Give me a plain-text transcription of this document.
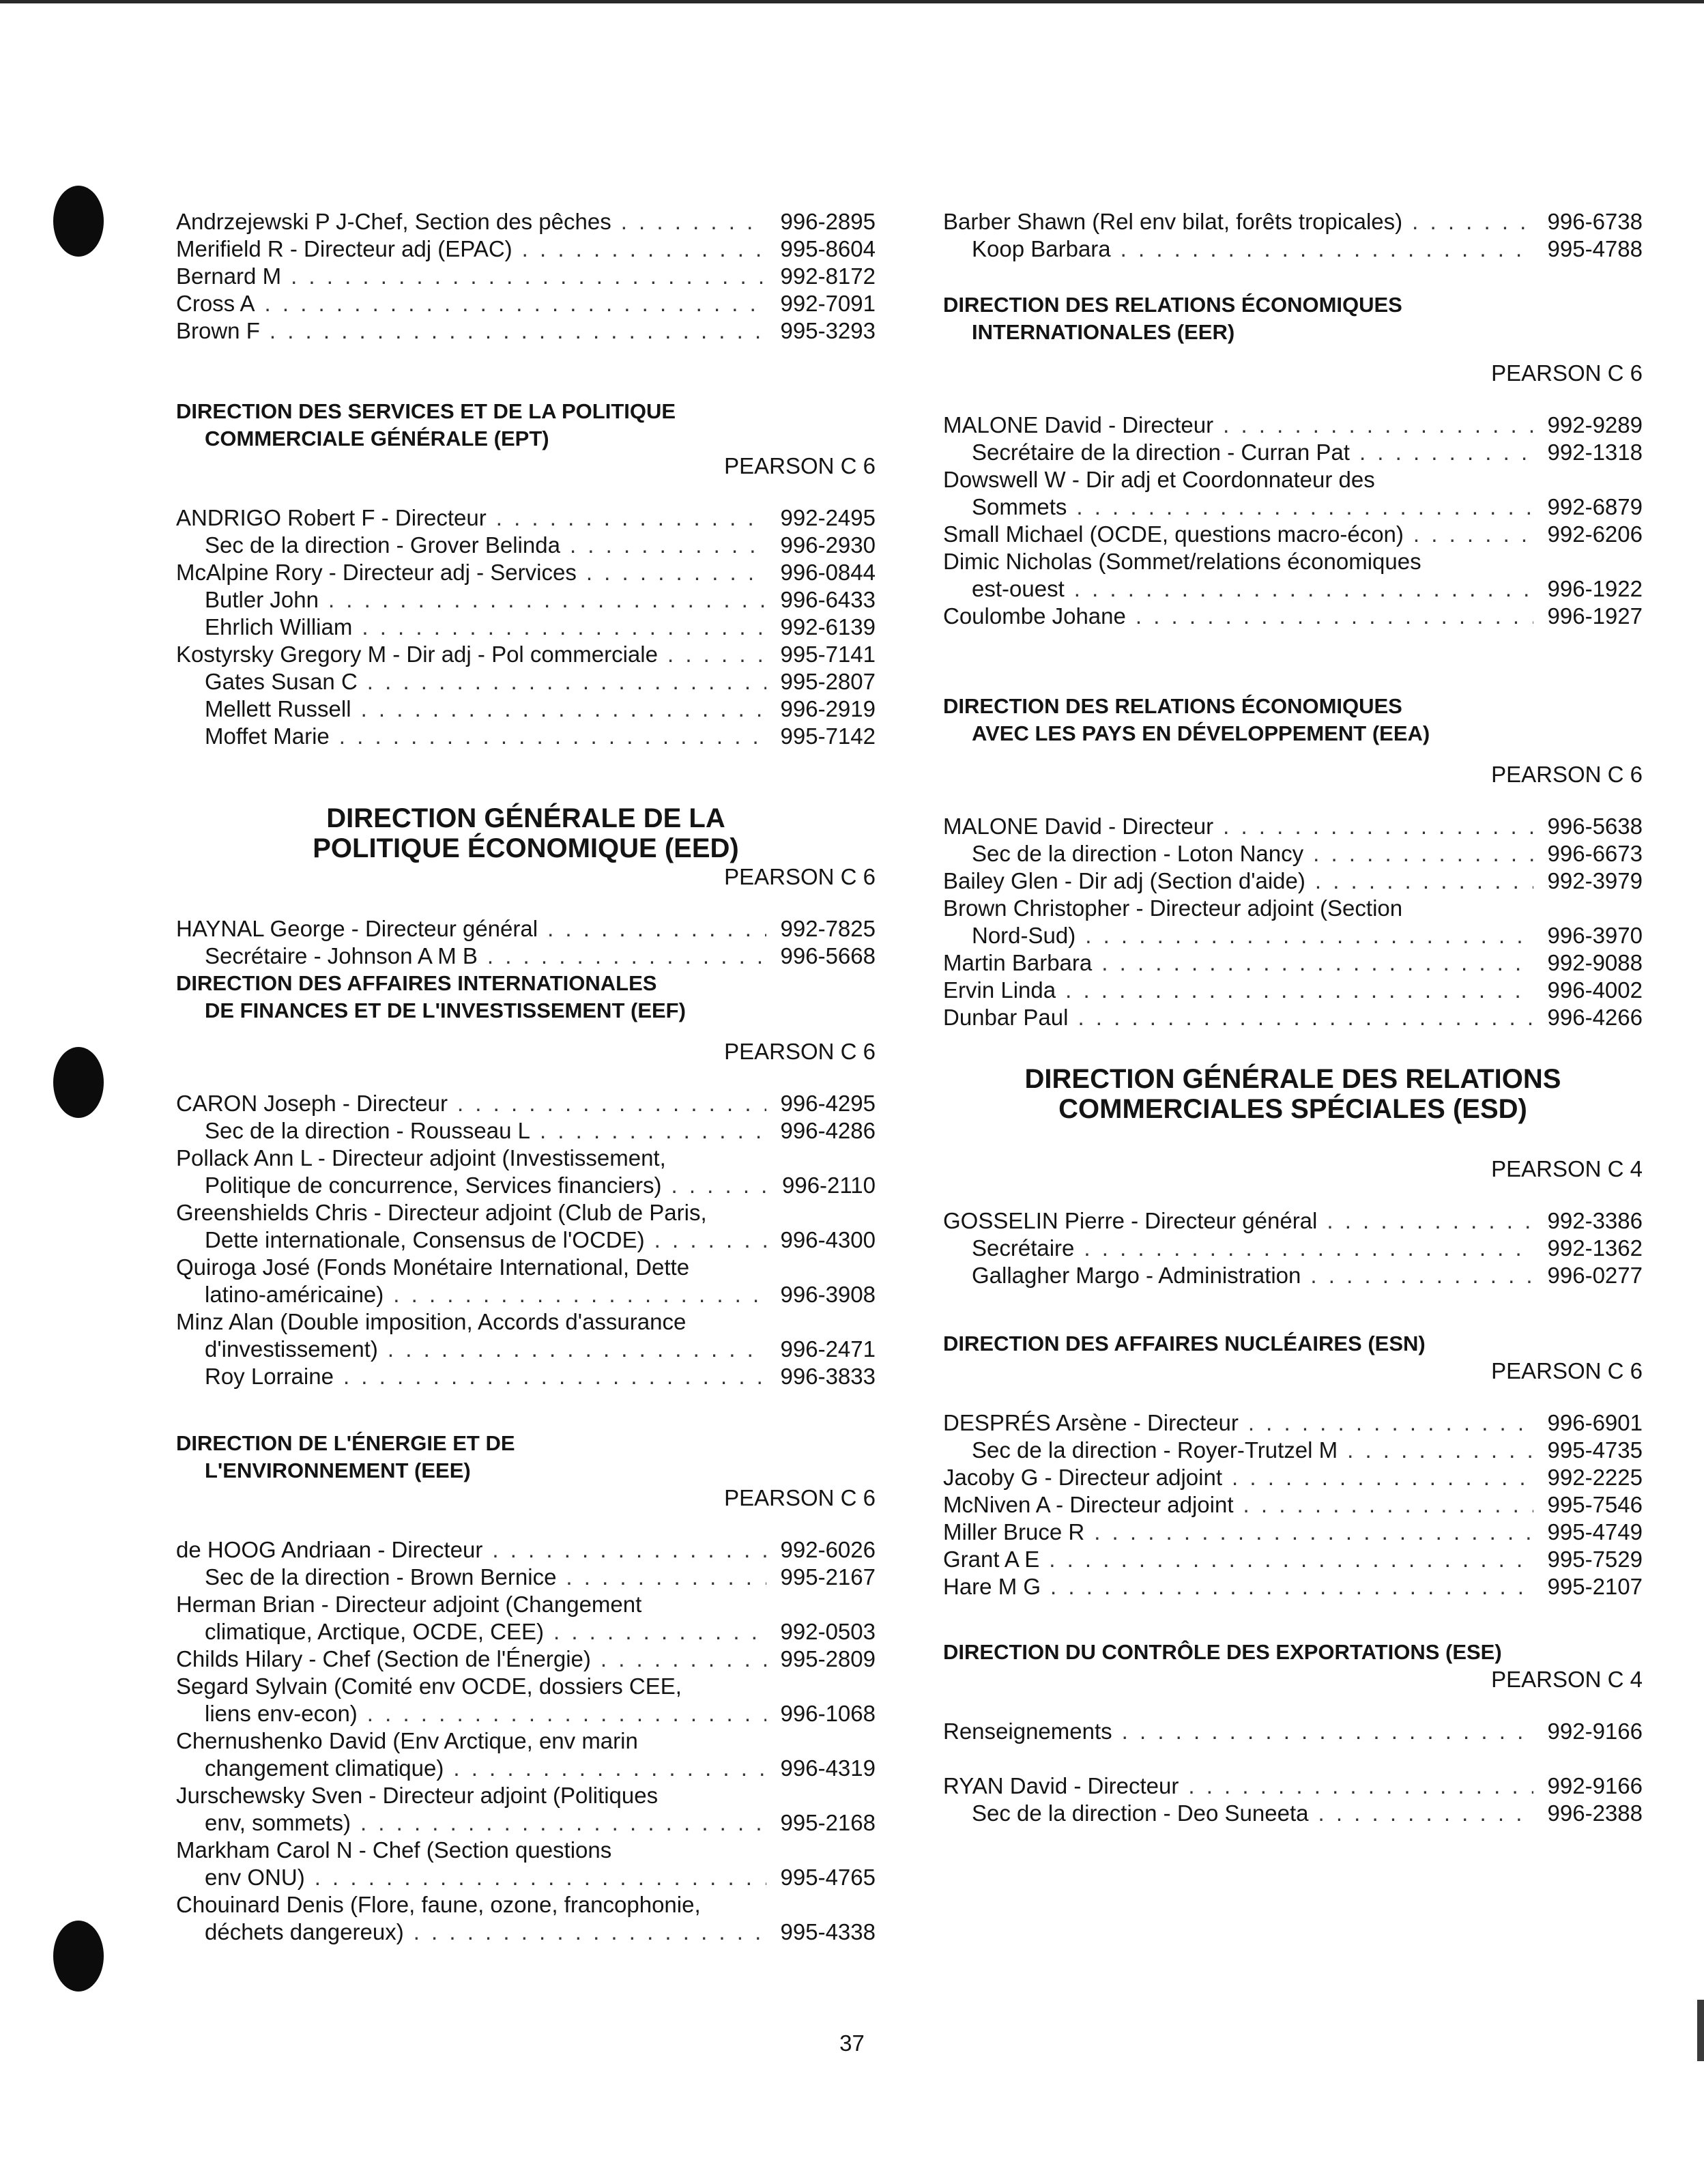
Andrzejewski P J-Chef, Section des pêches . . .	996-2895
Merifield R - Directeur adj (EPAC) . . .	995-8604
Bernard M . . .	992-8172
Cross A . . .	992-7091
Brown F . . .	995-3293
DIRECTION DES SERVICES ET DE LA POLITIQUE
COMMERCIALE GÉNÉRALE (EPT)
PEARSON C 6
ANDRIGO Robert F - Directeur . . .	992-2495
Sec de la direction - Grover Belinda . . .	996-2930
McAlpine Rory - Directeur adj - Services . . .	996-0844
Butler John . . .	996-6433
Ehrlich William . . .	992-6139
Kostyrsky Gregory M - Dir adj - Pol commerciale . . .	995-7141
Gates Susan C . . .	995-2807
Mellett Russell . . .	996-2919
Moffet Marie . . .	995-7142
DIRECTION GÉNÉRALE DE LA
POLITIQUE ÉCONOMIQUE (EED)
PEARSON C 6
HAYNAL George - Directeur général . . .	992-7825
Secrétaire - Johnson A M B . . .	996-5668
DIRECTION DES AFFAIRES INTERNATIONALES
DE FINANCES ET DE L'INVESTISSEMENT (EEF)
PEARSON C 6
CARON Joseph - Directeur . . .	996-4295
Sec de la direction - Rousseau L . . .	996-4286
Pollack Ann L - Directeur adjoint (Investissement,
Politique de concurrence, Services financiers) . . .	996-2110
Greenshields Chris - Directeur adjoint (Club de Paris,
Dette internationale, Consensus de l'OCDE) . . .	996-4300
Quiroga José (Fonds Monétaire International, Dette
latino-américaine) . . .	996-3908
Minz Alan (Double imposition, Accords d'assurance
d'investissement) . . .	996-2471
Roy Lorraine . . .	996-3833
DIRECTION DE L'ÉNERGIE ET DE
L'ENVIRONNEMENT (EEE)
PEARSON C 6
de HOOG Andriaan - Directeur . . .	992-6026
Sec de la direction - Brown Bernice . . .	995-2167
Herman Brian - Directeur adjoint (Changement
climatique, Arctique, OCDE, CEE) . . .	992-0503
Childs Hilary - Chef (Section de l'Énergie) . . .	995-2809
Segard Sylvain (Comité env OCDE, dossiers CEE,
liens env-econ) . . .	996-1068
Chernushenko David (Env Arctique, env marin
changement climatique) . . .	996-4319
Jurschewsky Sven - Directeur adjoint (Politiques
env, sommets) . . .	995-2168
Markham Carol N - Chef (Section questions
env ONU) . . .	995-4765
Chouinard Denis (Flore, faune, ozone, francophonie,
déchets dangereux) . . .	995-4338
Barber Shawn (Rel env bilat, forêts tropicales) . . .	996-6738
Koop Barbara . . .	995-4788
DIRECTION DES RELATIONS ÉCONOMIQUES
INTERNATIONALES (EER)
PEARSON C 6
MALONE David - Directeur . . .	992-9289
Secrétaire de la direction - Curran Pat . . .	992-1318
Dowswell W - Dir adj et Coordonnateur des
Sommets . . .	992-6879
Small Michael (OCDE, questions macro-écon) . . .	992-6206
Dimic Nicholas (Sommet/relations économiques
est-ouest . . .	996-1922
Coulombe Johane . . .	996-1927
DIRECTION DES RELATIONS ÉCONOMIQUES
AVEC LES PAYS EN DÉVELOPPEMENT (EEA)
PEARSON C 6
MALONE David - Directeur . . .	996-5638
Sec de la direction - Loton Nancy . . .	996-6673
Bailey Glen - Dir adj (Section d'aide) . . .	992-3979
Brown Christopher - Directeur adjoint (Section
Nord-Sud) . . .	996-3970
Martin Barbara . . .	992-9088
Ervin Linda . . .	996-4002
Dunbar Paul . . .	996-4266
DIRECTION GÉNÉRALE DES RELATIONS
COMMERCIALES SPÉCIALES (ESD)
PEARSON C 4
GOSSELIN Pierre - Directeur général . . .	992-3386
Secrétaire . . .	992-1362
Gallagher Margo - Administration . . .	996-0277
DIRECTION DES AFFAIRES NUCLÉAIRES (ESN)
PEARSON C 6
DESPRÉS Arsène - Directeur . . .	996-6901
Sec de la direction - Royer-Trutzel M . . .	995-4735
Jacoby G - Directeur adjoint . . .	992-2225
McNiven A - Directeur adjoint . . .	995-7546
Miller Bruce R . . .	995-4749
Grant A E . . .	995-7529
Hare M G . . .	995-2107
DIRECTION DU CONTRÔLE DES EXPORTATIONS (ESE)
PEARSON C 4
Renseignements . . .	992-9166
RYAN David - Directeur . . .	992-9166
Sec de la direction - Deo Suneeta . . .	996-2388
37
